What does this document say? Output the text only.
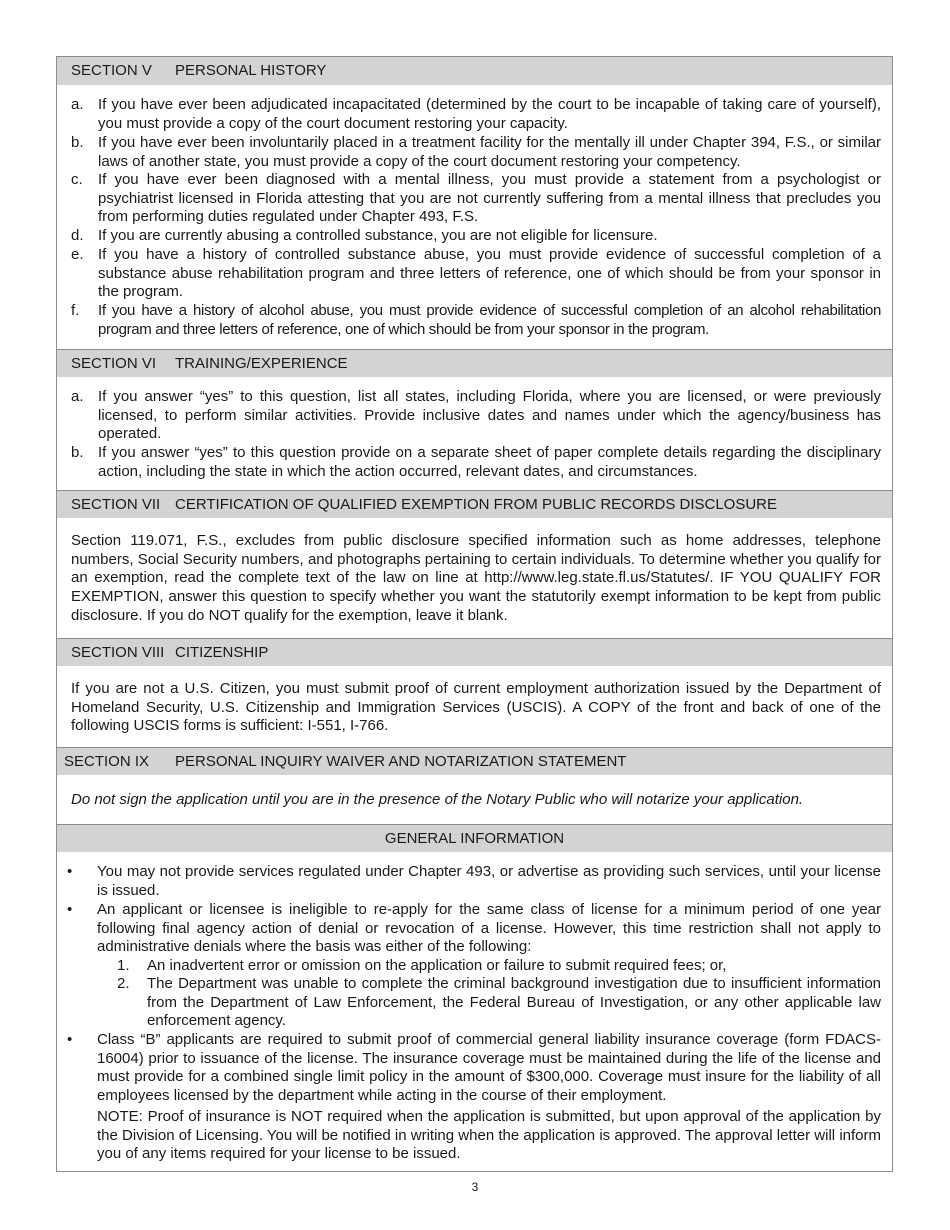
SECTION V PERSONAL HISTORY
a. If you have ever been adjudicated incapacitated (determined by the court to be incapable of taking care of yourself), you must provide a copy of the court document restoring your capacity.
b. If you have ever been involuntarily placed in a treatment facility for the mentally ill under Chapter 394, F.S., or similar laws of another state, you must provide a copy of the court document restoring your competency.
c. If you have ever been diagnosed with a mental illness, you must provide a statement from a psychologist or psychiatrist licensed in Florida attesting that you are not currently suffering from a mental illness that precludes you from performing duties regulated under Chapter 493, F.S.
d. If you are currently abusing a controlled substance, you are not eligible for licensure.
e. If you have a history of controlled substance abuse, you must provide evidence of successful completion of a substance abuse rehabilitation program and three letters of reference, one of which should be from your sponsor in the program.
f. If you have a history of alcohol abuse, you must provide evidence of successful completion of an alcohol rehabilitation program and three letters of reference, one of which should be from your sponsor in the program.
SECTION VI TRAINING/EXPERIENCE
a. If you answer “yes” to this question, list all states, including Florida, where you are licensed, or were previously licensed, to perform similar activities. Provide inclusive dates and names under which the agency/business has operated.
b. If you answer “yes” to this question provide on a separate sheet of paper complete details regarding the disciplinary action, including the state in which the action occurred, relevant dates, and circumstances.
SECTION VII CERTIFICATION OF QUALIFIED EXEMPTION FROM PUBLIC RECORDS DISCLOSURE
Section 119.071, F.S., excludes from public disclosure specified information such as home addresses, telephone numbers, Social Security numbers, and photographs pertaining to certain individuals. To determine whether you qualify for an exemption, read the complete text of the law on line at http://www.leg.state.fl.us/Statutes/. IF YOU QUALIFY FOR EXEMPTION, answer this question to specify whether you want the statutorily exempt information to be kept from public disclosure. If you do NOT qualify for the exemption, leave it blank.
SECTION VIII CITIZENSHIP
If you are not a U.S. Citizen, you must submit proof of current employment authorization issued by the Department of Homeland Security, U.S. Citizenship and Immigration Services (USCIS). A COPY of the front and back of one of the following USCIS forms is sufficient: I-551, I-766.
SECTION IX PERSONAL INQUIRY WAIVER AND NOTARIZATION STATEMENT
Do not sign the application until you are in the presence of the Notary Public who will notarize your application.
GENERAL INFORMATION
• You may not provide services regulated under Chapter 493, or advertise as providing such services, until your license is issued.
• An applicant or licensee is ineligible to re-apply for the same class of license for a minimum period of one year following final agency action of denial or revocation of a license. However, this time restriction shall not apply to administrative denials where the basis was either of the following:
1. An inadvertent error or omission on the application or failure to submit required fees; or,
2. The Department was unable to complete the criminal background investigation due to insufficient information from the Department of Law Enforcement, the Federal Bureau of Investigation, or any other applicable law enforcement agency.
• Class “B” applicants are required to submit proof of commercial general liability insurance coverage (form FDACS-16004) prior to issuance of the license. The insurance coverage must be maintained during the life of the license and must provide for a combined single limit policy in the amount of $300,000. Coverage must insure for the liability of all employees licensed by the department while acting in the course of their employment.
NOTE: Proof of insurance is NOT required when the application is submitted, but upon approval of the application by the Division of Licensing. You will be notified in writing when the application is approved. The approval letter will inform you of any items required for your license to be issued.
3
